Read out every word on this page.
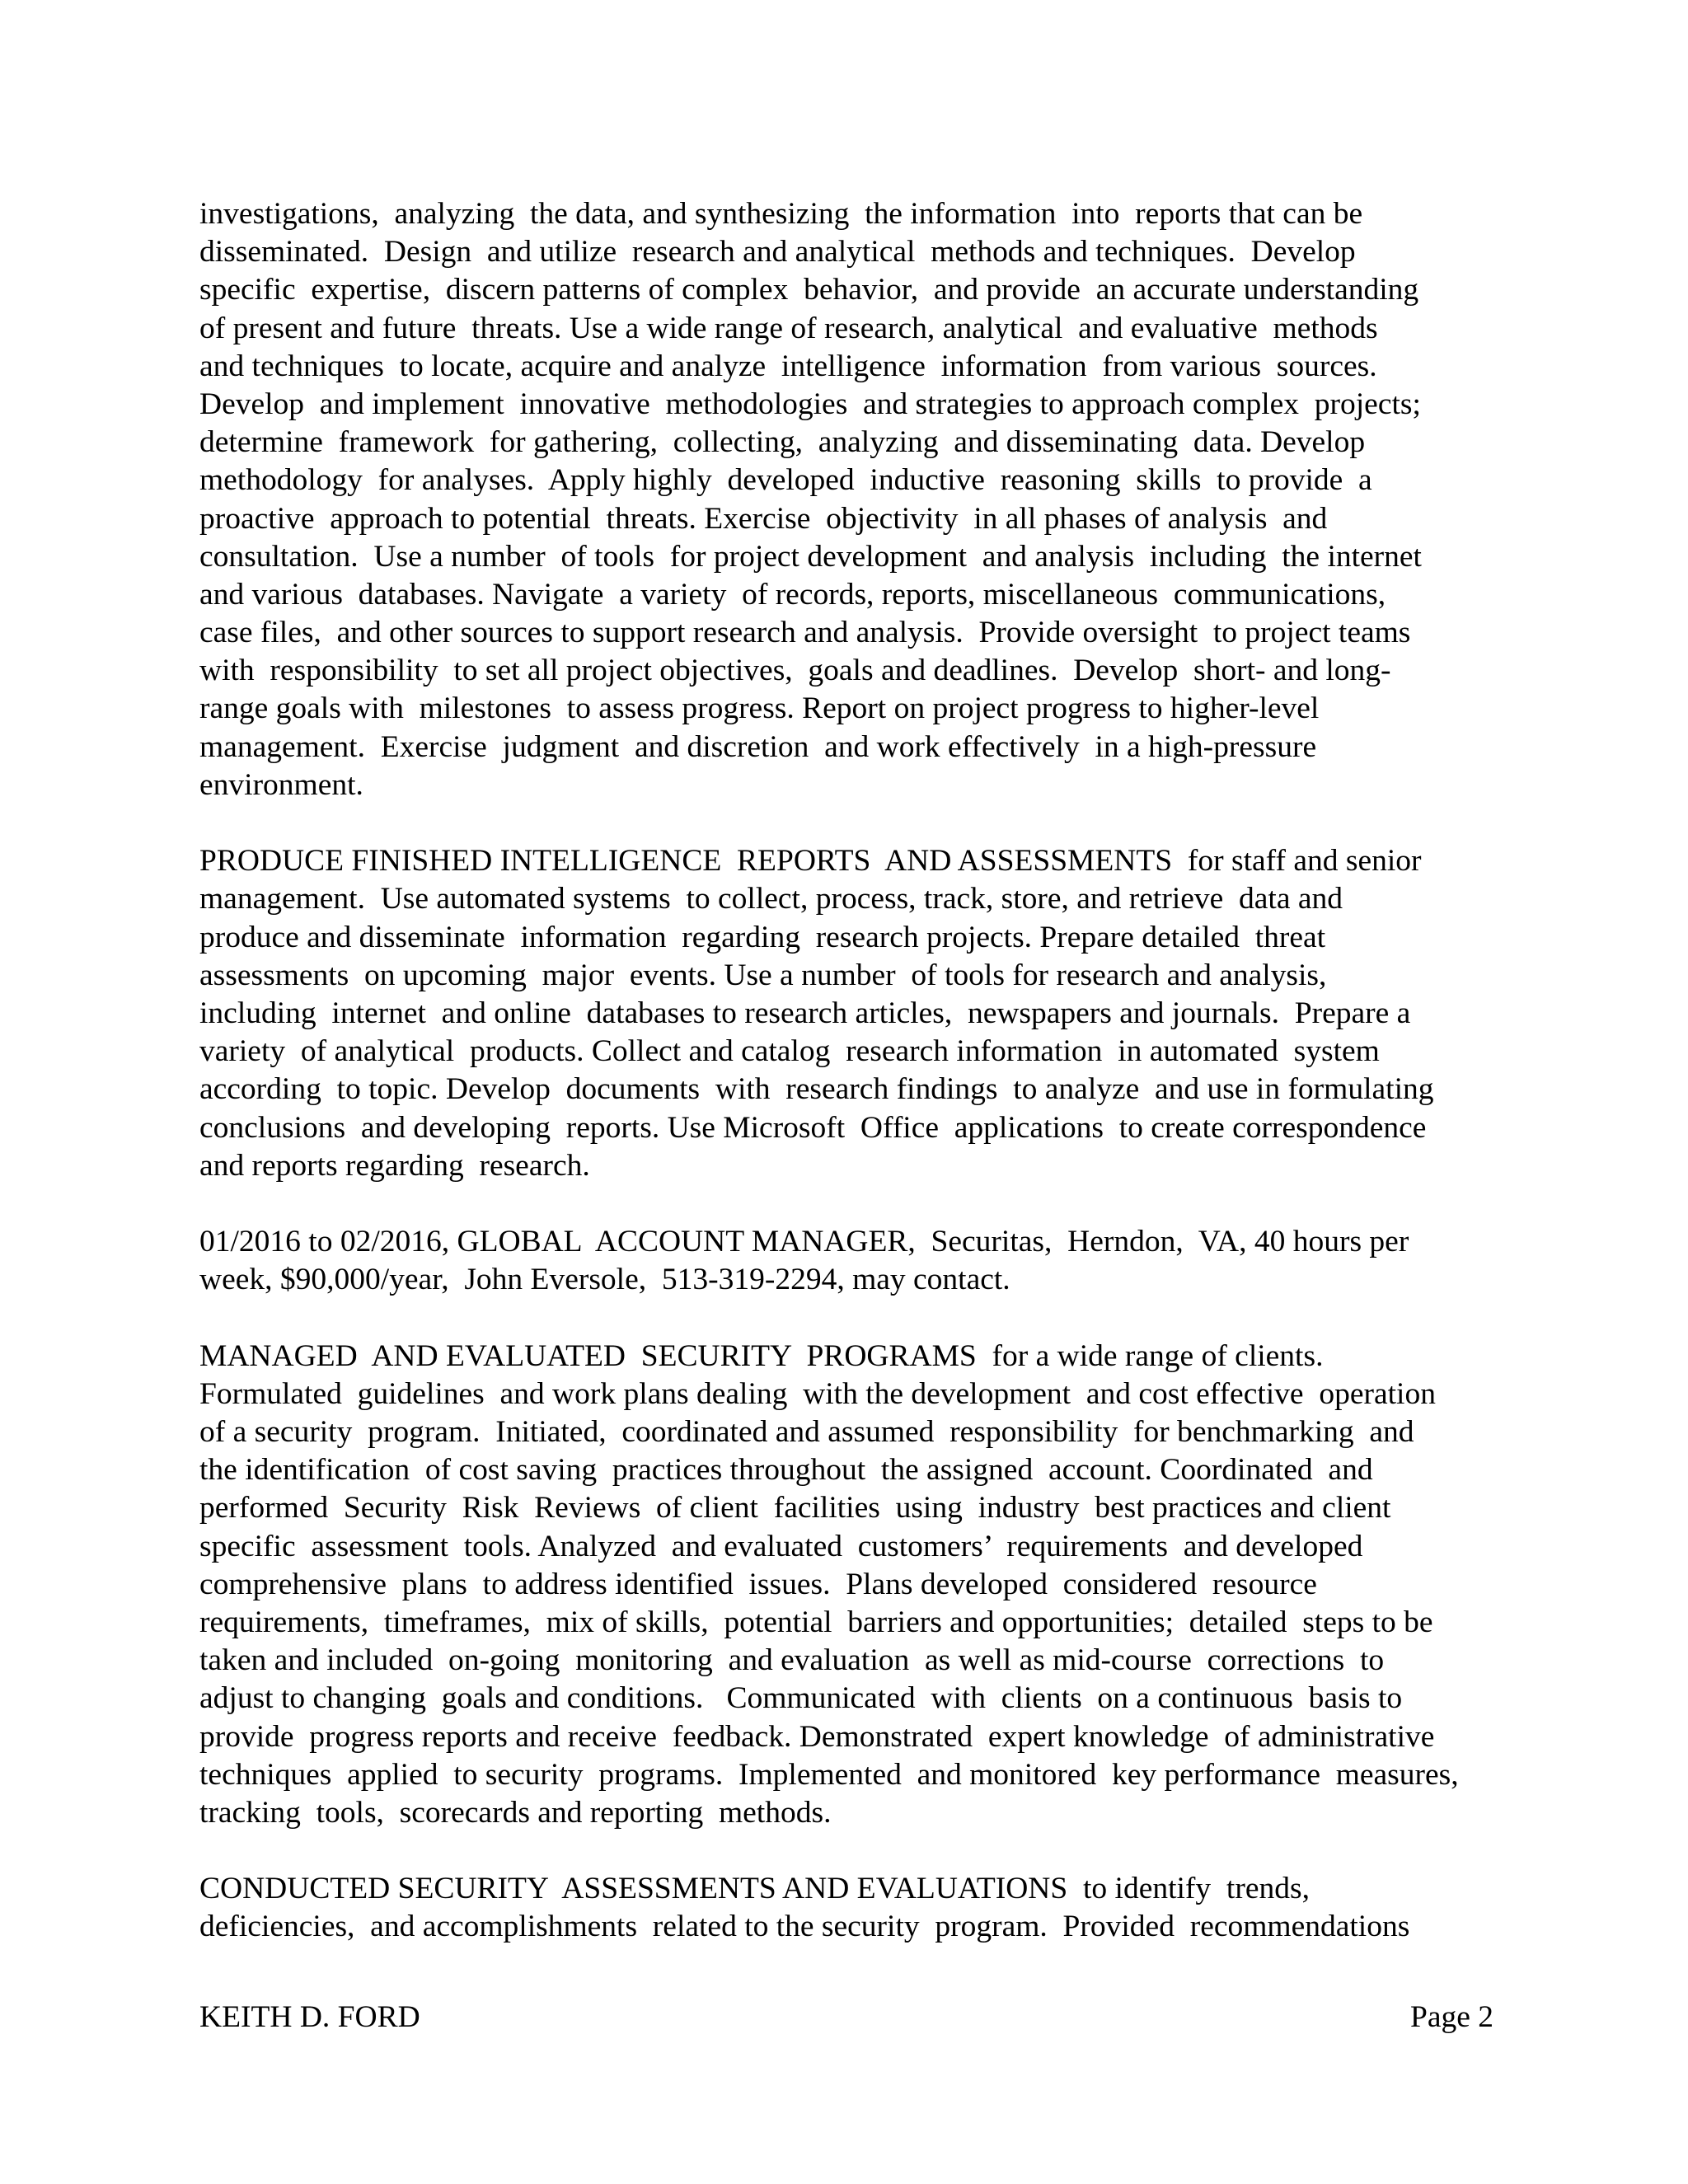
investigations,  analyzing  the data, and synthesizing  the information  into  reports that can be
disseminated.  Design  and utilize  research and analytical  methods and techniques.  Develop
specific  expertise,  discern patterns of complex  behavior,  and provide  an accurate understanding
of present and future  threats. Use a wide range of research, analytical  and evaluative  methods
and techniques  to locate, acquire and analyze  intelligence  information  from various  sources.
Develop  and implement  innovative  methodologies  and strategies to approach complex  projects;
determine  framework  for gathering,  collecting,  analyzing  and disseminating  data. Develop
methodology  for analyses.  Apply highly  developed  inductive  reasoning  skills  to provide  a
proactive  approach to potential  threats. Exercise  objectivity  in all phases of analysis  and
consultation.  Use a number  of tools  for project development  and analysis  including  the internet
and various  databases. Navigate  a variety  of records, reports, miscellaneous  communications,
case files,  and other sources to support research and analysis.  Provide oversight  to project teams
with  responsibility  to set all project objectives,  goals and deadlines.  Develop  short- and long-
range goals with  milestones  to assess progress. Report on project progress to higher-level
management.  Exercise  judgment  and discretion  and work effectively  in a high-pressure
environment.
PRODUCE FINISHED INTELLIGENCE  REPORTS  AND ASSESSMENTS  for staff and senior
management.  Use automated systems  to collect, process, track, store, and retrieve  data and
produce and disseminate  information  regarding  research projects. Prepare detailed  threat
assessments  on upcoming  major  events. Use a number  of tools for research and analysis,
including  internet  and online  databases to research articles,  newspapers and journals.  Prepare a
variety  of analytical  products. Collect and catalog  research information  in automated  system
according  to topic. Develop  documents  with  research findings  to analyze  and use in formulating
conclusions  and developing  reports. Use Microsoft  Office  applications  to create correspondence
and reports regarding  research.
01/2016 to 02/2016, GLOBAL  ACCOUNT MANAGER,  Securitas,  Herndon,  VA, 40 hours per
week, $90,000/year,  John Eversole,  513-319-2294, may contact.
MANAGED  AND EVALUATED  SECURITY  PROGRAMS  for a wide range of clients.
Formulated  guidelines  and work plans dealing  with the development  and cost effective  operation
of a security  program.  Initiated,  coordinated and assumed  responsibility  for benchmarking  and
the identification  of cost saving  practices throughout  the assigned  account. Coordinated  and
performed  Security  Risk  Reviews  of client  facilities  using  industry  best practices and client
specific  assessment  tools. Analyzed  and evaluated  customers’  requirements  and developed
comprehensive  plans  to address identified  issues.  Plans developed  considered  resource
requirements,  timeframes,  mix of skills,  potential  barriers and opportunities;  detailed  steps to be
taken and included  on-going  monitoring  and evaluation  as well as mid-course  corrections  to
adjust to changing  goals and conditions.   Communicated  with  clients  on a continuous  basis to
provide  progress reports and receive  feedback. Demonstrated  expert knowledge  of administrative
techniques  applied  to security  programs.  Implemented  and monitored  key performance  measures,
tracking  tools,  scorecards and reporting  methods.
CONDUCTED SECURITY  ASSESSMENTS AND EVALUATIONS  to identify  trends,
deficiencies,  and accomplishments  related to the security  program.  Provided  recommendations
KEITH D. FORD	Page 2
